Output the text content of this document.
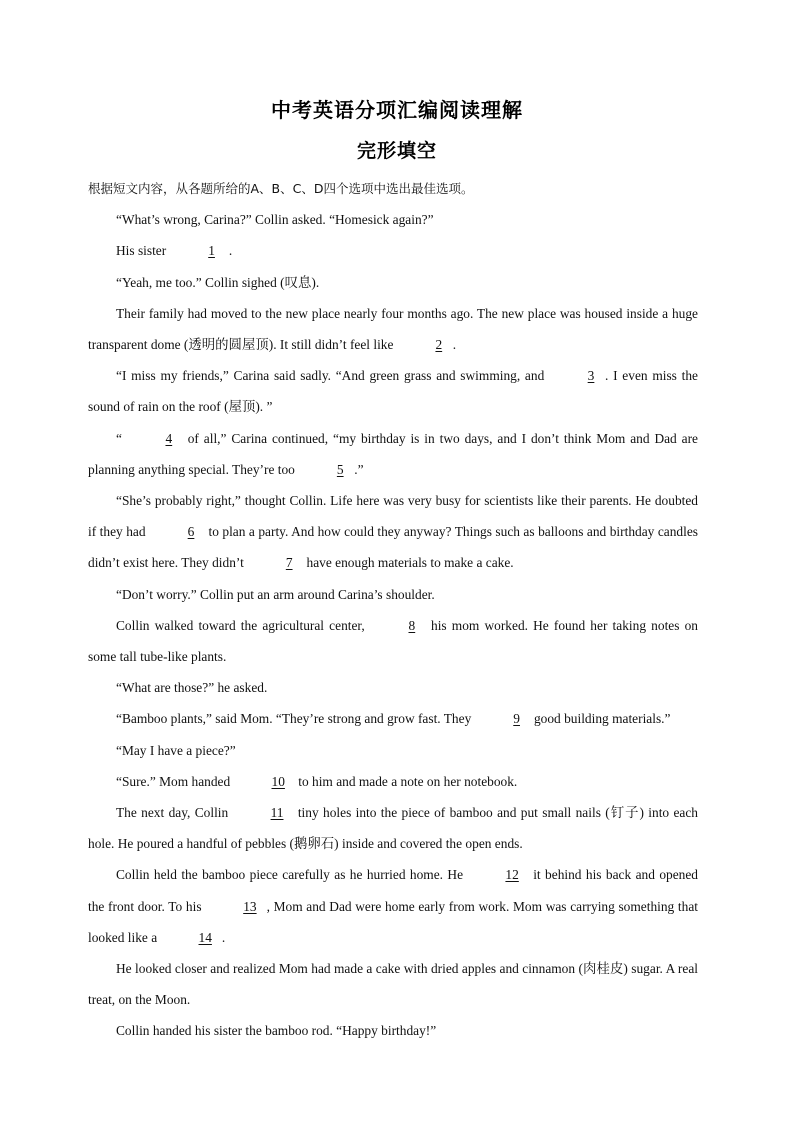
中考英语分项汇编阅读理解
完形填空
根据短文内容，从各题所给的A、B、C、D四个选项中选出最佳选项。

“What’s wrong, Carina?” Collin asked. “Homesick again?”

His sister	1 .

“Yeah, me too.” Collin sighed (叹息).

Their family had moved to the new place nearly four months ago. The new place was housed inside a huge transparent dome (透明的圆屋顶). It still didn’t feel like	2 .

“I miss my friends,” Carina said sadly. “And green grass and swimming, and	3 . I even miss the sound of rain on the roof (屋顶). ”

“	4 of all,” Carina continued, “my birthday is in two days, and I don’t think Mom and Dad are planning anything special. They’re too	5 .”

“She’s probably right,” thought Collin. Life here was very busy for scientists like their parents. He doubted if they had	6 to plan a party. And how could they anyway? Things such as balloons and birthday candles didn’t exist here. They didn’t	7 have enough materials to make a cake.

“Don’t worry.” Collin put an arm around Carina’s shoulder.

Collin walked toward the agricultural center,	8 his mom worked. He found her taking notes on some tall tube-like plants.

“What are those?” he asked.

“Bamboo plants,” said Mom. “They’re strong and grow fast. They	9 good building materials.”

“May I have a piece?”

“Sure.” Mom handed	10 to him and made a note on her notebook.

The next day, Collin	11 tiny holes into the piece of bamboo and put small nails (钉子) into each hole. He poured a handful of pebbles (鹅卵石) inside and covered the open ends.

Collin held the bamboo piece carefully as he hurried home. He	12 it behind his back and opened the front door. To his	13 , Mom and Dad were home early from work. Mom was carrying something that looked like a	14 .

He looked closer and realized Mom had made a cake with dried apples and cinnamon (肉桂皮) sugar. A real treat, on the Moon.

Collin handed his sister the bamboo rod. “Happy birthday!”
